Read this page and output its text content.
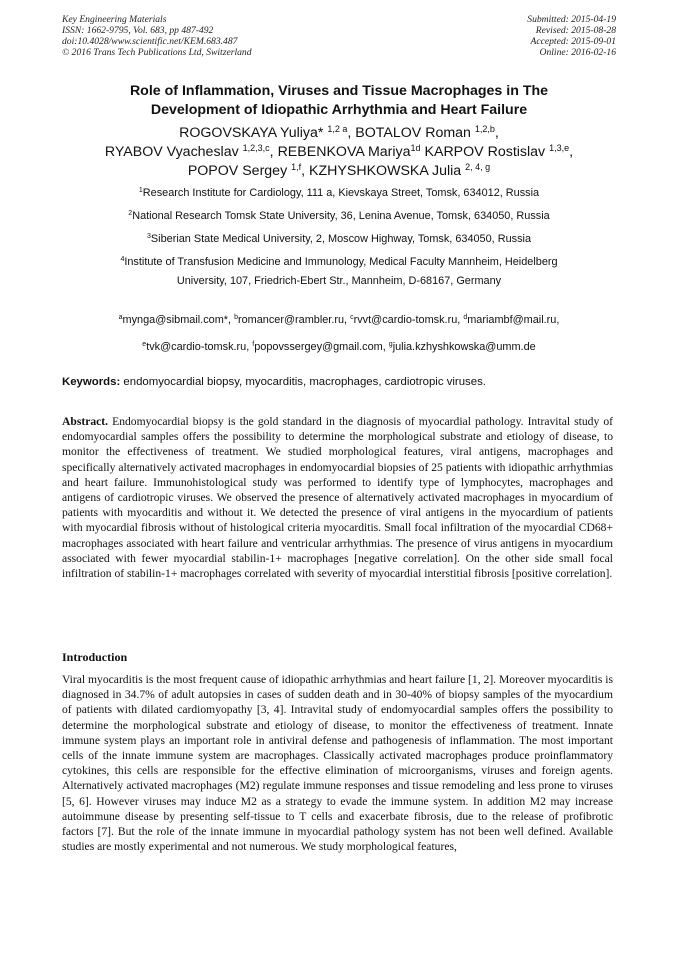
Key Engineering Materials
ISSN: 1662-9795, Vol. 683, pp 487-492
doi:10.4028/www.scientific.net/KEM.683.487
© 2016 Trans Tech Publications Ltd, Switzerland
Submitted: 2015-04-19
Revised: 2015-08-28
Accepted: 2015-09-01
Online: 2016-02-16
Role of Inflammation, Viruses and Tissue Macrophages in The
Development of Idiopathic Arrhythmia and Heart Failure
ROGOVSKAYA Yuliya* $^{1,2 a}$, BOTALOV Roman $^{1,2,b}$,
RYABOV Vyacheslav $^{1,2,3,c}$, REBENKOVA Mariya$^{1d}$ KARPOV Rostislav $^{1,3,e}$,
POPOV Sergey $^{1,f}$, KZHYSHKOWSKA Julia $^{2, 4, g}$
$^1$Research Institute for Cardiology, 111 a, Kievskaya Street, Tomsk, 634012, Russia
$^2$National Research Tomsk State University, 36, Lenina Avenue, Tomsk, 634050, Russia
$^3$Siberian State Medical University, 2, Moscow Highway, Tomsk, 634050, Russia
$^4$Institute of Transfusion Medicine and Immunology, Medical Faculty Mannheim, Heidelberg
University, 107, Friedrich-Ebert Str., Mannheim, D-68167, Germany
$^a$mynga@sibmail.com*, $^b$romancer@rambler.ru, $^c$rvvt@cardio-tomsk.ru, $^d$mariambf@mail.ru,
$^e$tvk@cardio-tomsk.ru, $^f$popovssergey@gmail.com, $^g$julia.kzhyshkowska@umm.de
Keywords: endomyocardial biopsy, myocarditis, macrophages, cardiotropic viruses.
Abstract. Endomyocardial biopsy is the gold standard in the diagnosis of myocardial pathology. Intravital study of endomyocardial samples offers the possibility to determine the morphological substrate and etiology of disease, to monitor the effectiveness of treatment. We studied morphological features, viral antigens, macrophages and specifically alternatively activated macrophages in endomyocardial biopsies of 25 patients with idiopathic arrhythmias and heart failure. Immunohistological study was performed to identify type of lymphocytes, macrophages and antigens of cardiotropic viruses. We observed the presence of alternatively activated macrophages in myocardium of patients with myocarditis and without it. We detected the presence of viral antigens in the myocardium of patients with myocardial fibrosis without of histological criteria myocarditis. Small focal infiltration of the myocardial CD68+ macrophages associated with heart failure and ventricular arrhythmias. The presence of virus antigens in myocardium associated with fewer myocardial stabilin-1+ macrophages [negative correlation]. On the other side small focal infiltration of stabilin-1+ macrophages correlated with severity of myocardial interstitial fibrosis [positive correlation].
Introduction
Viral myocarditis is the most frequent cause of idiopathic arrhythmias and heart failure [1, 2]. Moreover myocarditis is diagnosed in 34.7% of adult autopsies in cases of sudden death and in 30-40% of biopsy samples of the myocardium of patients with dilated cardiomyopathy [3, 4]. Intravital study of endomyocardial samples offers the possibility to determine the morphological substrate and etiology of disease, to monitor the effectiveness of treatment. Innate immune system plays an important role in antiviral defense and pathogenesis of inflammation. The most important cells of the innate immune system are macrophages. Classically activated macrophages produce proinflammatory cytokines, this cells are responsible for the effective elimination of microorganisms, viruses and foreign agents. Alternatively activated macrophages (M2) regulate immune responses and tissue remodeling and less prone to viruses [5, 6]. However viruses may induce M2 as a strategy to evade the immune system. In addition M2 may increase autoimmune disease by presenting self-tissue to T cells and exacerbate fibrosis, due to the release of profibrotic factors [7]. But the role of the innate immune in myocardial pathology system has not been well defined. Available studies are mostly experimental and not numerous. We study morphological features,
